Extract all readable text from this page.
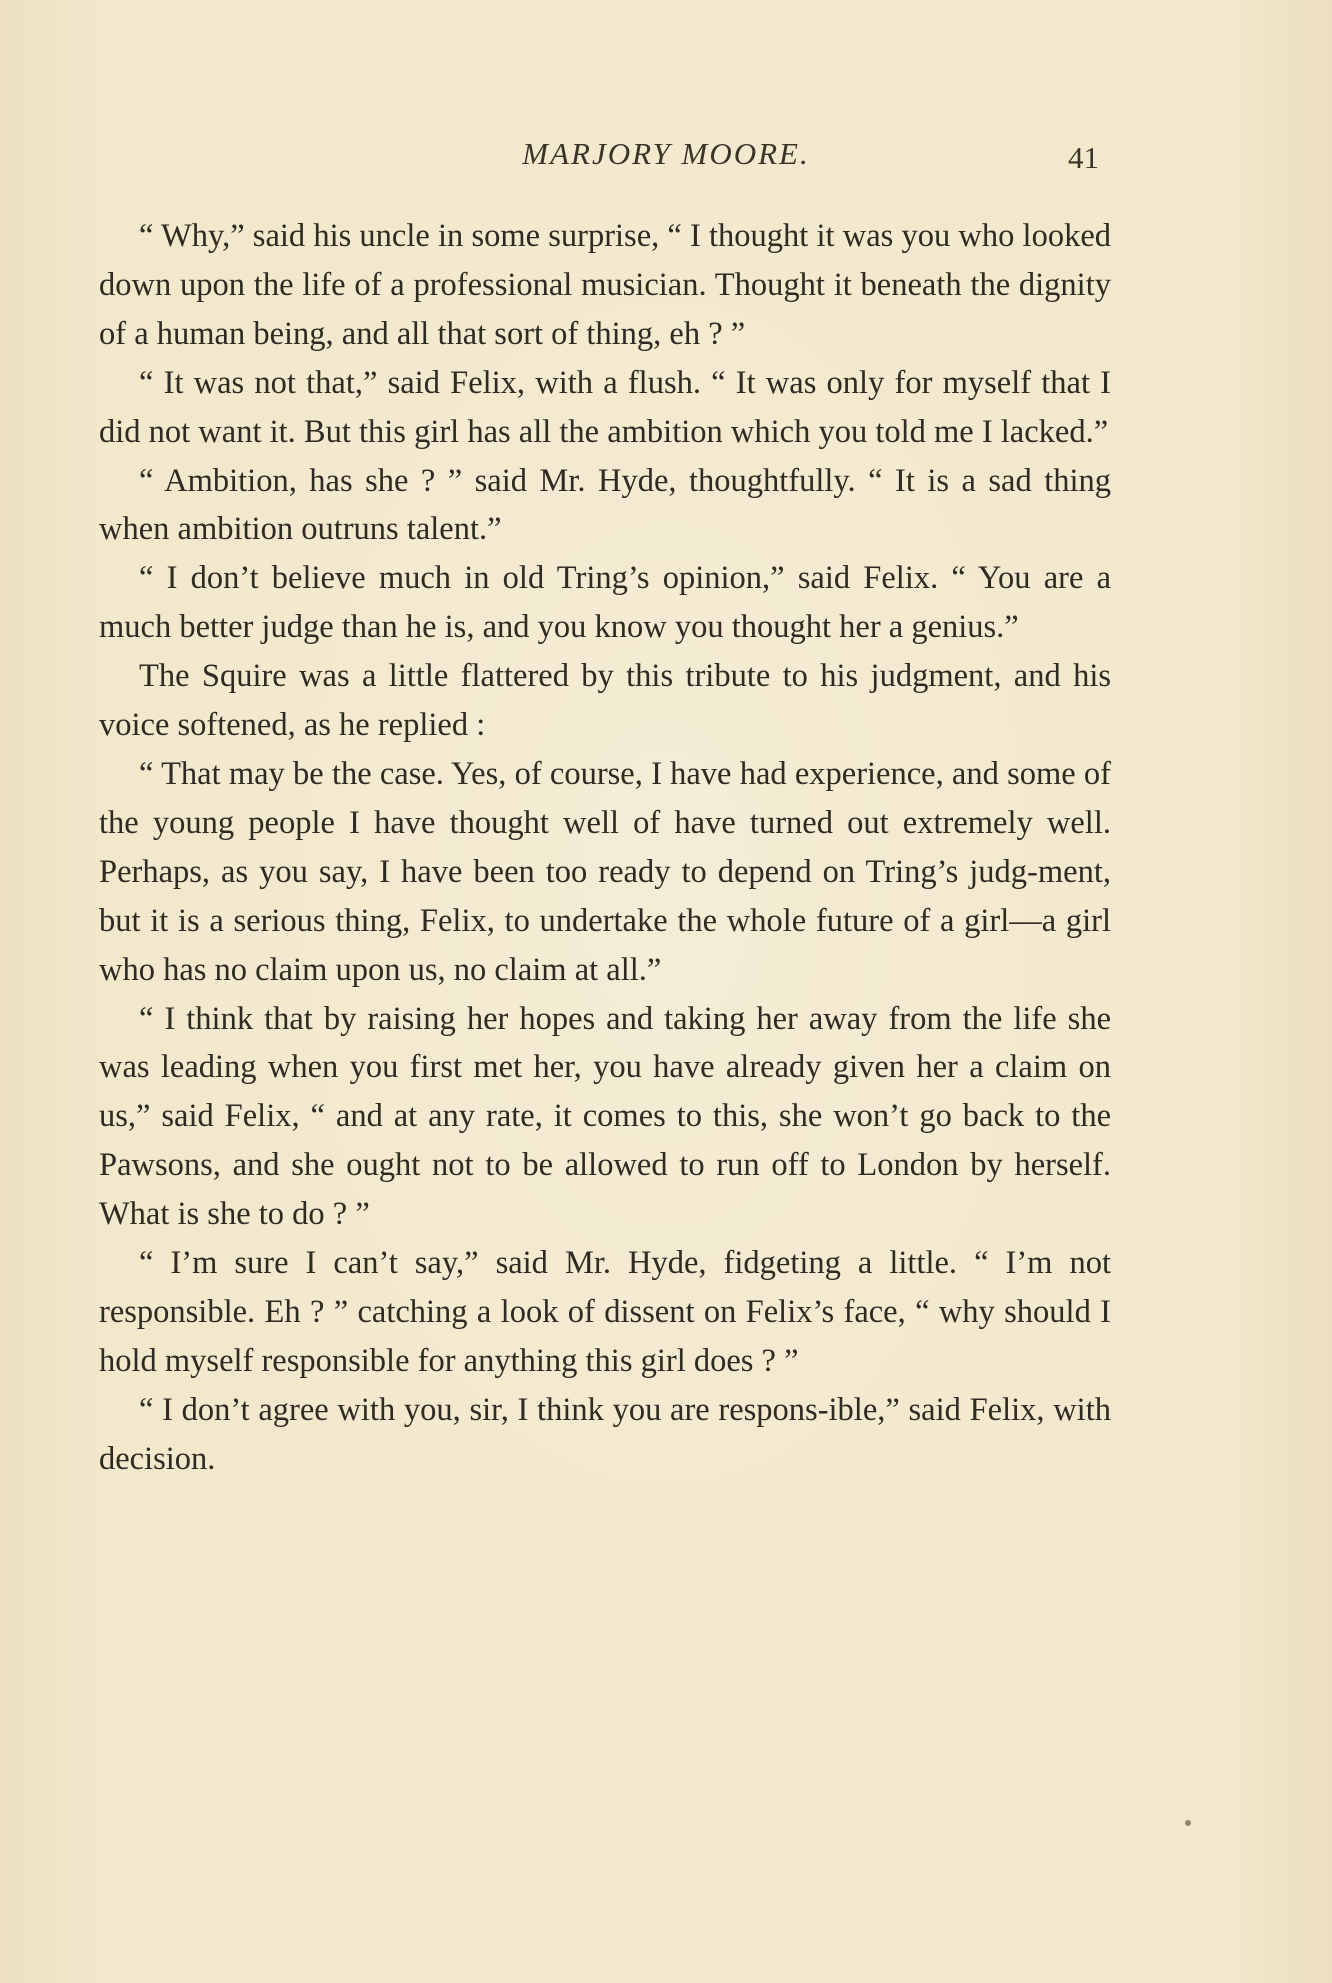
MARJORY MOORE.	41

“ Why,” said his uncle in some surprise, “ I thought it was you who looked down upon the life of a professional musician. Thought it beneath the dignity of a human being, and all that sort of thing, eh ? ”

“ It was not that,” said Felix, with a flush. “ It was only for myself that I did not want it. But this girl has all the ambition which you told me I lacked.”

“ Ambition, has she ? ” said Mr. Hyde, thoughtfully. “ It is a sad thing when ambition outruns talent.”

“ I don’t believe much in old Tring’s opinion,” said Felix. “ You are a much better judge than he is, and you know you thought her a genius.”

The Squire was a little flattered by this tribute to his judgment, and his voice softened, as he replied :

“ That may be the case. Yes, of course, I have had experience, and some of the young people I have thought well of have turned out extremely well. Perhaps, as you say, I have been too ready to depend on Tring’s judg-ment, but it is a serious thing, Felix, to undertake the whole future of a girl—a girl who has no claim upon us, no claim at all.”

“ I think that by raising her hopes and taking her away from the life she was leading when you first met her, you have already given her a claim on us,” said Felix, “ and at any rate, it comes to this, she won’t go back to the Pawsons, and she ought not to be allowed to run off to London by herself. What is she to do ? ”

“ I’m sure I can’t say,” said Mr. Hyde, fidgeting a little. “ I’m not responsible. Eh ? ” catching a look of dissent on Felix’s face, “ why should I hold myself responsible for anything this girl does ? ”

“ I don’t agree with you, sir, I think you are respons-ible,” said Felix, with decision.
